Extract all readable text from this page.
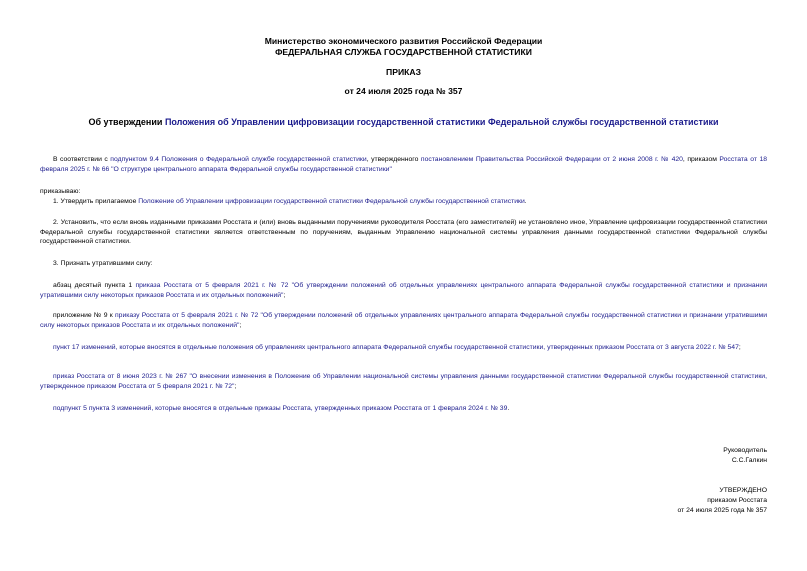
Министерство экономического развития Российской Федерации
ФЕДЕРАЛЬНАЯ СЛУЖБА ГОСУДАРСТВЕННОЙ СТАТИСТИКИ
ПРИКАЗ
от 24 июля 2025 года № 357
Об утверждении Положения об Управлении цифровизации государственной статистики Федеральной службы государственной статистики
В соответствии с подпунктом 9.4 Положения о Федеральной службе государственной статистики, утвержденного постановлением Правительства Российской Федерации от 2 июня 2008 г. № 420, приказом Росстата от 18 февраля 2025 г. № 66 "О структуре центрального аппарата Федеральной службы государственной статистики"
приказываю:
1. Утвердить прилагаемое Положение об Управлении цифровизации государственной статистики Федеральной службы государственной статистики.
2. Установить, что если вновь изданными приказами Росстата и (или) вновь выданными поручениями руководителя Росстата (его заместителей) не установлено иное, Управление цифровизации государственной статистики Федеральной службы государственной статистики является ответственным по поручениям, выданным Управлению национальной системы управления данными государственной статистики Федеральной службы государственной статистики.
3. Признать утратившими силу:
абзац десятый пункта 1 приказа Росстата от 5 февраля 2021 г. № 72 "Об утверждении положений об отдельных управлениях центрального аппарата Федеральной службы государственной статистики и признании утратившими силу некоторых приказов Росстата и их отдельных положений";
приложение № 9 к приказу Росстата от 5 февраля 2021 г. № 72 "Об утверждении положений об отдельных управлениях центрального аппарата Федеральной службы государственной статистики и признании утратившими силу некоторых приказов Росстата и их отдельных положений";
пункт 17 изменений, которые вносятся в отдельные положения об управлениях центрального аппарата Федеральной службы государственной статистики, утвержденных приказом Росстата от 3 августа 2022 г. № 547;
приказ Росстата от 8 июня 2023 г. № 267 "О внесении изменения в Положение об Управлении национальной системы управления данными государственной статистики Федеральной службы государственной статистики, утвержденное приказом Росстата от 5 февраля 2021 г. № 72";
подпункт 5 пункта 3 изменений, которые вносятся в отдельные приказы Росстата, утвержденных приказом Росстата от 1 февраля 2024 г. № 39.
Руководитель
С.С.Галкин
УТВЕРЖДЕНО
приказом Росстата
от 24 июля 2025 года № 357
